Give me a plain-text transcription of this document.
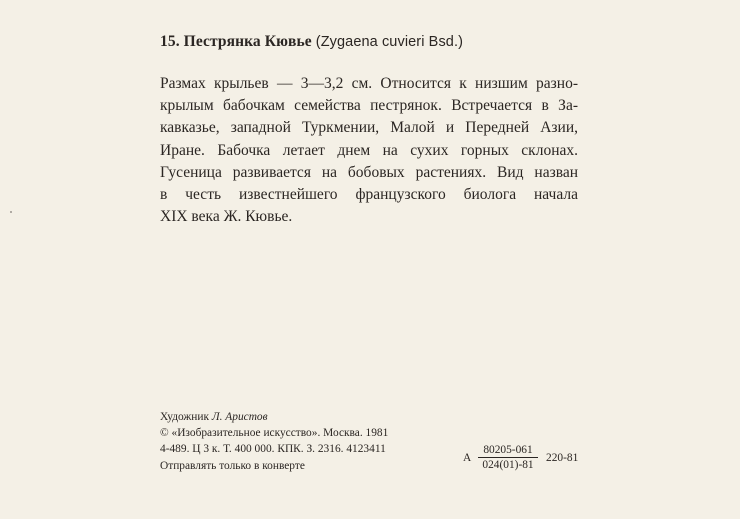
15. Пестрянка Кювье (Zygaena cuvieri Bsd.)
Размах крыльев — 3—3,2 см. Относится к низшим разно-
крылым бабочкам семейства пестрянок. Встречается в За-
кавказье, западной Туркмении, Малой и Передней Азии,
Иране. Бабочка летает днем на сухих горных склонах.
Гусеница развивается на бобовых растениях. Вид назван
в честь известнейшего французского биолога начала
XIX века Ж. Кювье.
Художник Л. Аристов
© «Изобразительное искусство». Москва. 1981
4-489. Ц 3 к. Т. 400 000. КПК. З. 2316. 4123411
Отправлять только в конверте
А $\frac{80205-061}{024(01)-81} 220-81$
